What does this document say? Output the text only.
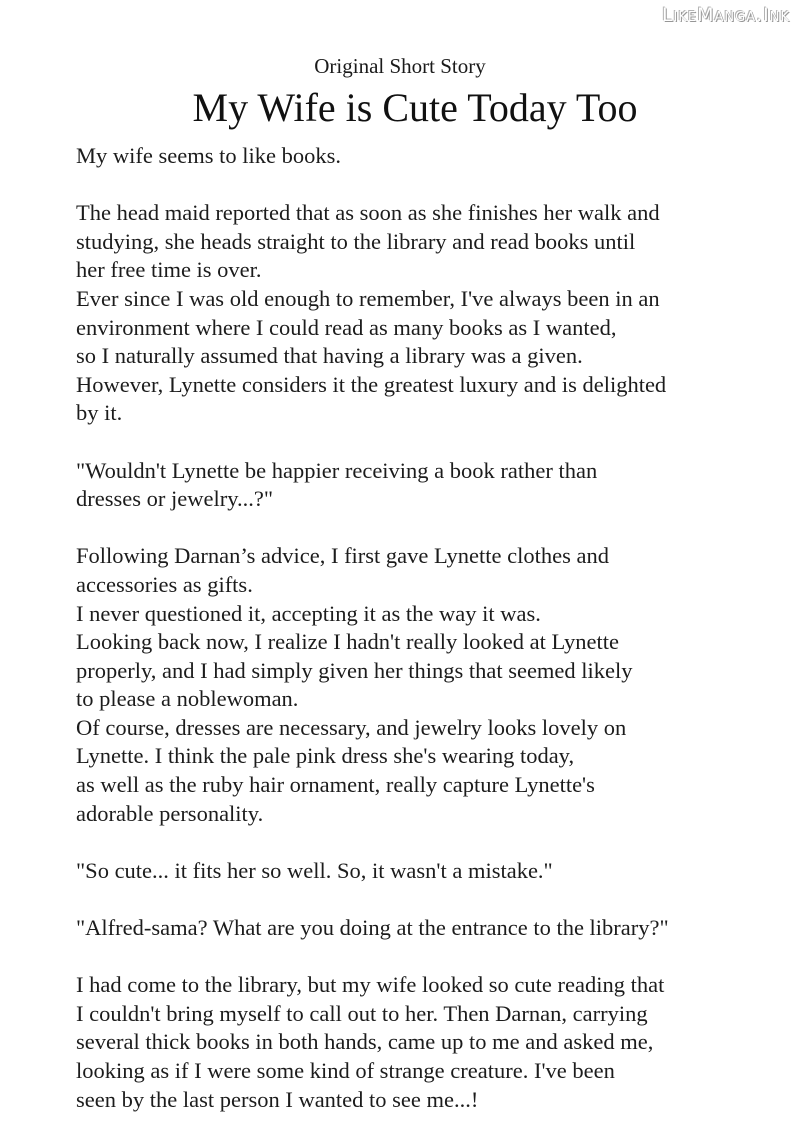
LikeManga.Ink
Original Short Story
My Wife is Cute Today Too
My wife seems to like books.
The head maid reported that as soon as she finishes her walk and
studying, she heads straight to the library and read books until
her free time is over.
Ever since I was old enough to remember, I've always been in an
environment where I could read as many books as I wanted,
so I naturally assumed that having a library was a given.
However, Lynette considers it the greatest luxury and is delighted
by it.
"Wouldn't Lynette be happier receiving a book rather than
dresses or jewelry...?"
Following Darnan’s advice, I first gave Lynette clothes and
accessories as gifts.
I never questioned it, accepting it as the way it was.
Looking back now, I realize I hadn't really looked at Lynette
properly, and I had simply given her things that seemed likely
to please a noblewoman.
Of course, dresses are necessary, and jewelry looks lovely on
Lynette. I think the pale pink dress she's wearing today,
as well as the ruby hair ornament, really capture Lynette's
adorable personality.
"So cute... it fits her so well. So, it wasn't a mistake."
"Alfred-sama? What are you doing at the entrance to the library?"
I had come to the library, but my wife looked so cute reading that
I couldn't bring myself to call out to her. Then Darnan, carrying
several thick books in both hands, came up to me and asked me,
looking as if I were some kind of strange creature. I've been
seen by the last person I wanted to see me...!
